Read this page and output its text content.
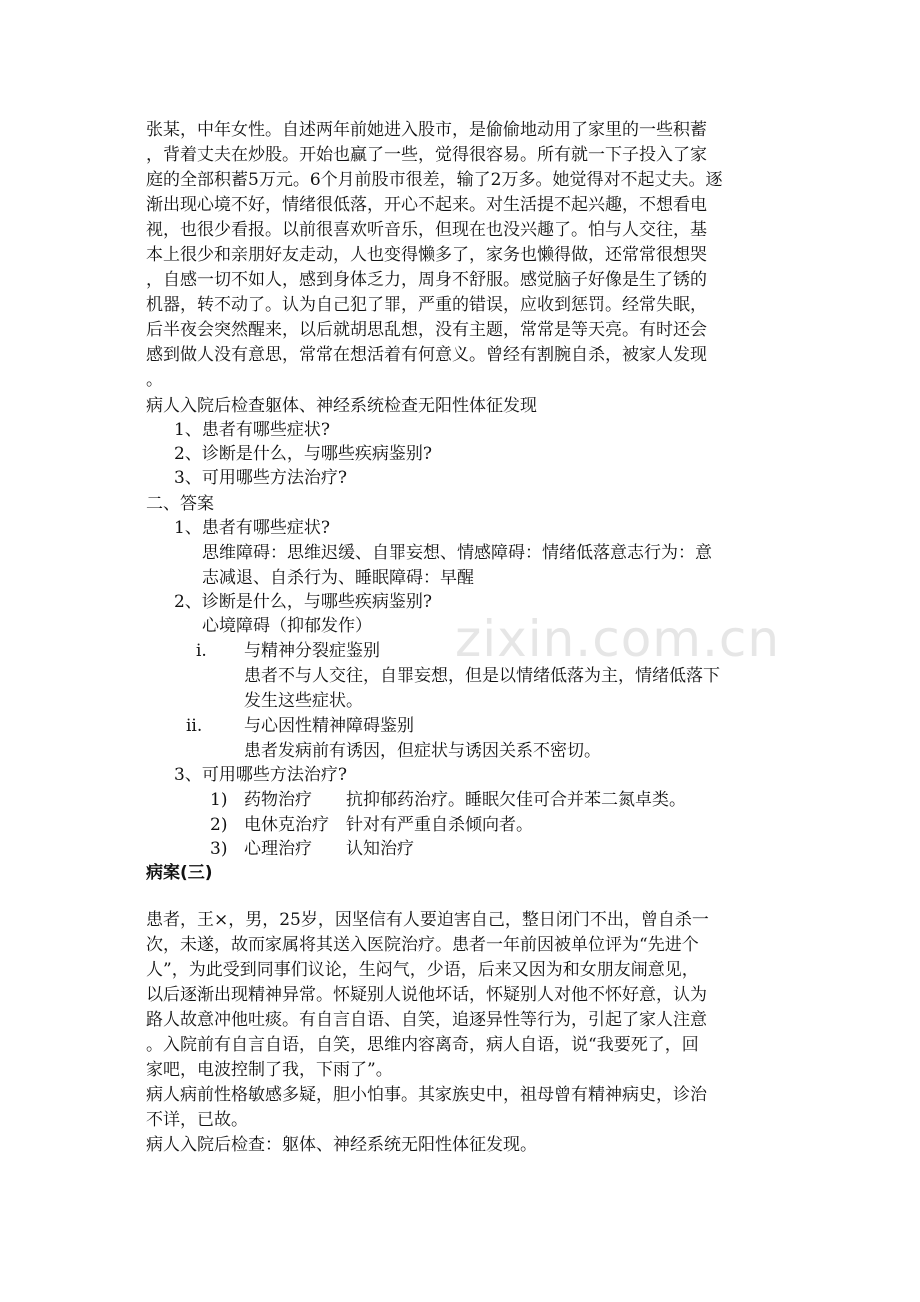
zixin.com.cn
张某，中年女性。自述两年前她进入股市，是偷偷地动用了家里的一些积蓄
，背着丈夫在炒股。开始也赢了一些，觉得很容易。所有就一下子投入了家
庭的全部积蓄5万元。6个月前股市很差，输了2万多。她觉得对不起丈夫。逐
渐出现心境不好，情绪很低落，开心不起来。对生活提不起兴趣，不想看电
视，也很少看报。以前很喜欢听音乐，但现在也没兴趣了。怕与人交往，基
本上很少和亲朋好友走动，人也变得懒多了，家务也懒得做，还常常很想哭
，自感一切不如人，感到身体乏力，周身不舒服。感觉脑子好像是生了锈的
机器，转不动了。认为自己犯了罪，严重的错误，应收到惩罚。经常失眠，
后半夜会突然醒来，以后就胡思乱想，没有主题，常常是等天亮。有时还会
感到做人没有意思，常常在想活着有何意义。曾经有割腕自杀，被家人发现
。
病人入院后检查躯体、神经系统检查无阳性体征发现
1、患者有哪些症状?
2、诊断是什么，与哪些疾病鉴别?
3、可用哪些方法治疗?
二、答案
1、患者有哪些症状?
思维障碍：思维迟缓、自罪妄想、情感障碍：情绪低落意志行为：意
志减退、自杀行为、睡眠障碍：早醒
2、诊断是什么，与哪些疾病鉴别?
心境障碍（抑郁发作）
i. 与精神分裂症鉴别
患者不与人交往，自罪妄想，但是以情绪低落为主，情绪低落下
发生这些症状。
ii. 与心因性精神障碍鉴别
患者发病前有诱因，但症状与诱因关系不密切。
3、可用哪些方法治疗?
1) 药物治疗 抗抑郁药治疗。睡眠欠佳可合并苯二氮卓类。
2) 电休克治疗 针对有严重自杀倾向者。
3) 心理治疗 认知治疗
病案(三)
患者，王×，男，25岁，因坚信有人要迫害自己，整日闭门不出，曾自杀一
次，未遂，故而家属将其送入医院治疗。患者一年前因被单位评为“先进个
人”，为此受到同事们议论，生闷气，少语，后来又因为和女朋友闹意见，
以后逐渐出现精神异常。怀疑别人说他坏话，怀疑别人对他不怀好意，认为
路人故意冲他吐痰。有自言自语、自笑，追逐异性等行为，引起了家人注意
。入院前有自言自语，自笑，思维内容离奇，病人自语，说“我要死了，回
家吧，电波控制了我，下雨了”。
病人病前性格敏感多疑，胆小怕事。其家族史中，祖母曾有精神病史，诊治
不详，已故。
病人入院后检查：躯体、神经系统无阳性体征发现。
